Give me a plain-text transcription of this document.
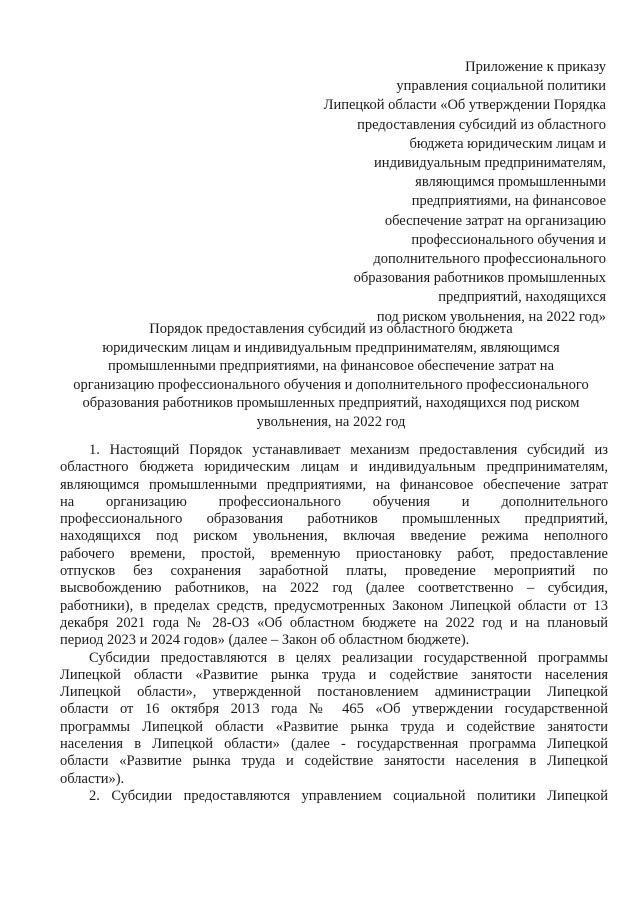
Приложение к приказу
управления социальной политики
Липецкой области «Об утверждении Порядка
предоставления субсидий из областного
бюджета юридическим лицам и
индивидуальным предпринимателям,
являющимся промышленными
предприятиями, на финансовое
обеспечение затрат на организацию
профессионального обучения и
дополнительного профессионального
образования работников промышленных
предприятий, находящихся
под риском увольнения, на 2022 год»
Порядок предоставления субсидий из областного бюджета
юридическим лицам и индивидуальным предпринимателям, являющимся
промышленными предприятиями, на финансовое обеспечение затрат на
организацию профессионального обучения и дополнительного профессионального
образования работников промышленных предприятий, находящихся под риском
увольнения, на 2022 год
1. Настоящий Порядок устанавливает механизм предоставления субсидий из
областного бюджета юридическим лицам и индивидуальным предпринимателям,
являющимся промышленными предприятиями, на финансовое обеспечение затрат
на организацию профессионального обучения и дополнительного
профессионального образования работников промышленных предприятий,
находящихся под риском увольнения, включая введение режима неполного
рабочего времени, простой, временную приостановку работ, предоставление
отпусков без сохранения заработной платы, проведение мероприятий по
высвобождению работников, на 2022 год (далее соответственно – субсидия,
работники), в пределах средств, предусмотренных Законом Липецкой области от 13
декабря 2021 года № 28-ОЗ «Об областном бюджете на 2022 год и на плановый
период 2023 и 2024 годов» (далее – Закон об областном бюджете).
Субсидии предоставляются в целях реализации государственной программы
Липецкой области «Развитие рынка труда и содействие занятости населения
Липецкой области», утвержденной постановлением администрации Липецкой
области от 16 октября 2013 года № 465 «Об утверждении государственной
программы Липецкой области «Развитие рынка труда и содействие занятости
населения в Липецкой области» (далее - государственная программа Липецкой
области «Развитие рынка труда и содействие занятости населения в Липецкой
области»).
2. Субсидии предоставляются управлением социальной политики Липецкой
